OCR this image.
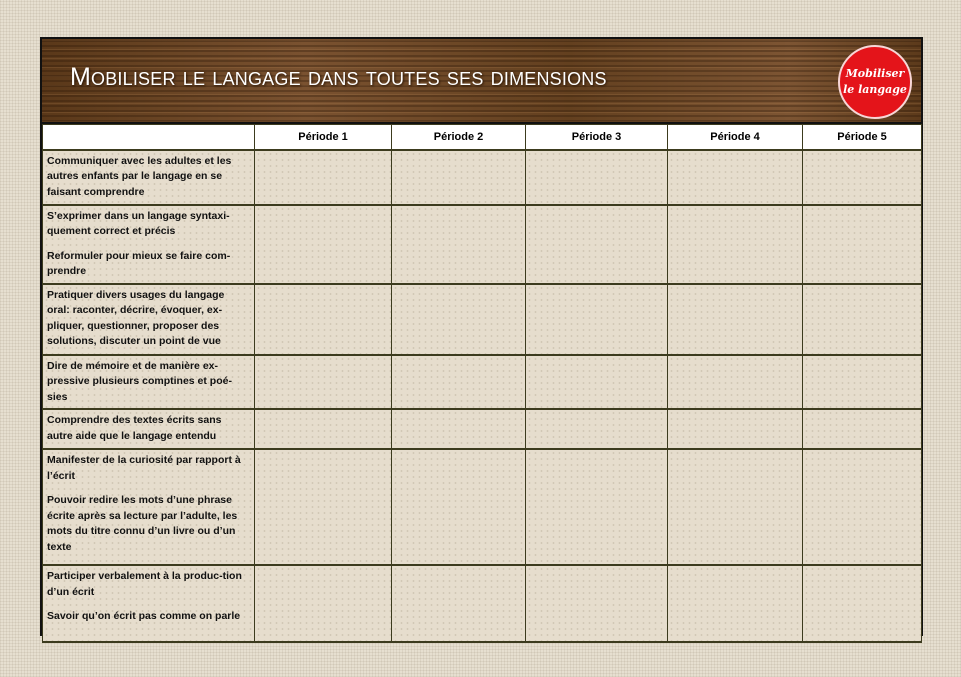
Mobiliser le langage dans toutes ses dimensions	Mobiliser
le langage
	Période 1	Période 2	Période 3	Période 4	Période 5

Communiquer avec les adultes et les autres enfants par le langage en se faisant comprendre					

S’exprimer dans un langage syntaxi-quement correct et précis

Reformuler pour mieux se faire com-prendre					

Pratiquer divers usages du langage oral: raconter, décrire, évoquer, ex-pliquer, questionner, proposer des solutions, discuter un point de vue					

Dire de mémoire et de manière ex-pressive plusieurs comptines et poé-sies					

Comprendre des textes écrits sans autre aide que le langage entendu					

Manifester de la curiosité par rapport à l’écrit

Pouvoir redire les mots d’une phrase écrite après sa lecture par l’adulte, les mots du titre connu d’un livre ou d’un texte					

Participer verbalement à la produc-tion d’un écrit

Savoir qu’on écrit pas comme on parle					
